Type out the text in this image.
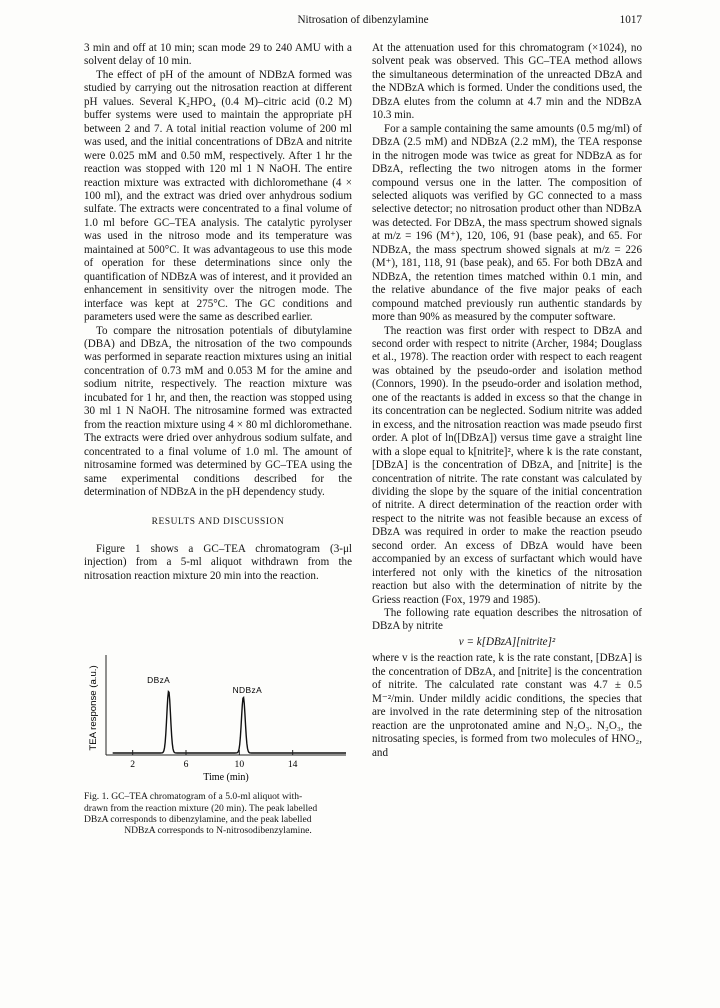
Nitrosation of dibenzylamine	1017

3 min and off at 10 min; scan mode 29 to 240 AMU with a solvent delay of 10 min.

The effect of pH of the amount of NDBzA formed was studied by carrying out the nitrosation reaction at different pH values. Several K₂HPO₄ (0.4 M)–citric acid (0.2 M) buffer systems were used to maintain the appropriate pH between 2 and 7. A total initial reaction volume of 200 ml was used, and the initial concentrations of DBzA and nitrite were 0.025 mM and 0.50 mM, respectively. After 1 hr the reaction was stopped with 120 ml 1 N NaOH. The entire reaction mixture was extracted with dichloromethane (4 × 100 ml), and the extract was dried over anhydrous sodium sulfate. The extracts were concentrated to a final volume of 1.0 ml before GC–TEA analysis. The catalytic pyrolyser was used in the nitroso mode and its temperature was maintained at 500°C. It was advantageous to use this mode of operation for these determinations since only the quantification of NDBzA was of interest, and it provided an enhancement in sensitivity over the nitrogen mode. The interface was kept at 275°C. The GC conditions and parameters used were the same as described earlier.

To compare the nitrosation potentials of dibutylamine (DBA) and DBzA, the nitrosation of the two compounds was performed in separate reaction mixtures using an initial concentration of 0.73 mM and 0.053 M for the amine and sodium nitrite, respectively. The reaction mixture was incubated for 1 hr, and then, the reaction was stopped using 30 ml 1 N NaOH. The nitrosamine formed was extracted from the reaction mixture using 4 × 80 ml dichloromethane. The extracts were dried over anhydrous sodium sulfate, and concentrated to a final volume of 1.0 ml. The amount of nitrosamine formed was determined by GC–TEA using the same experimental conditions described for the determination of NDBzA in the pH dependency study.

RESULTS AND DISCUSSION

Figure 1 shows a GC–TEA chromatogram (3-μl injection) from a 5-ml aliquot withdrawn from the nitrosation reaction mixture 20 min into the reaction.

TEA response (a.u.)
2	6	10	14
DBzA
NDBzA
Time (min)
Fig. 1. GC–TEA chromatogram of a 5.0-ml aliquot with-
drawn from the reaction mixture (20 min). The peak labelled
DBzA corresponds to dibenzylamine, and the peak labelled
NDBzA corresponds to N-nitrosodibenzylamine.

At the attenuation used for this chromatogram (×1024), no solvent peak was observed. This GC–TEA method allows the simultaneous determination of the unreacted DBzA and the NDBzA which is formed. Under the conditions used, the DBzA elutes from the column at 4.7 min and the NDBzA 10.3 min.

For a sample containing the same amounts (0.5 mg/ml) of DBzA (2.5 mM) and NDBzA (2.2 mM), the TEA response in the nitrogen mode was twice as great for NDBzA as for DBzA, reflecting the two nitrogen atoms in the former compound versus one in the latter. The composition of selected aliquots was verified by GC connected to a mass selective detector; no nitrosation product other than NDBzA was detected. For DBzA, the mass spectrum showed signals at m/z = 196 (M⁺), 120, 106, 91 (base peak), and 65. For NDBzA, the mass spectrum showed signals at m/z = 226 (M⁺), 181, 118, 91 (base peak), and 65. For both DBzA and NDBzA, the retention times matched within 0.1 min, and the relative abundance of the five major peaks of each compound matched previously run authentic standards by more than 90% as measured by the computer software.

The reaction was first order with respect to DBzA and second order with respect to nitrite (Archer, 1984; Douglass et al., 1978). The reaction order with respect to each reagent was obtained by the pseudo-order and isolation method (Connors, 1990). In the pseudo-order and isolation method, one of the reactants is added in excess so that the change in its concentration can be neglected. Sodium nitrite was added in excess, and the nitrosation reaction was made pseudo first order. A plot of ln([DBzA]) versus time gave a straight line with a slope equal to k[nitrite]², where k is the rate constant, [DBzA] is the concentration of DBzA, and [nitrite] is the concentration of nitrite. The rate constant was calculated by dividing the slope by the square of the initial concentration of nitrite. A direct determination of the reaction order with respect to the nitrite was not feasible because an excess of DBzA was required in order to make the reaction pseudo second order. An excess of DBzA would have been accompanied by an excess of surfactant which would have interfered not only with the kinetics of the nitrosation reaction but also with the determination of nitrite by the Griess reaction (Fox, 1979 and 1985).

The following rate equation describes the nitrosation of DBzA by nitrite

v = k[DBzA][nitrite]²

where v is the reaction rate, k is the rate constant, [DBzA] is the concentration of DBzA, and [nitrite] is the concentration of nitrite. The calculated rate constant was 4.7 ± 0.5 M⁻²/min. Under mildly acidic conditions, the species that are involved in the rate determining step of the nitrosation reaction are the unprotonated amine and N₂O₃. N₂O₃, the nitrosating species, is formed from two molecules of HNO₂, and
